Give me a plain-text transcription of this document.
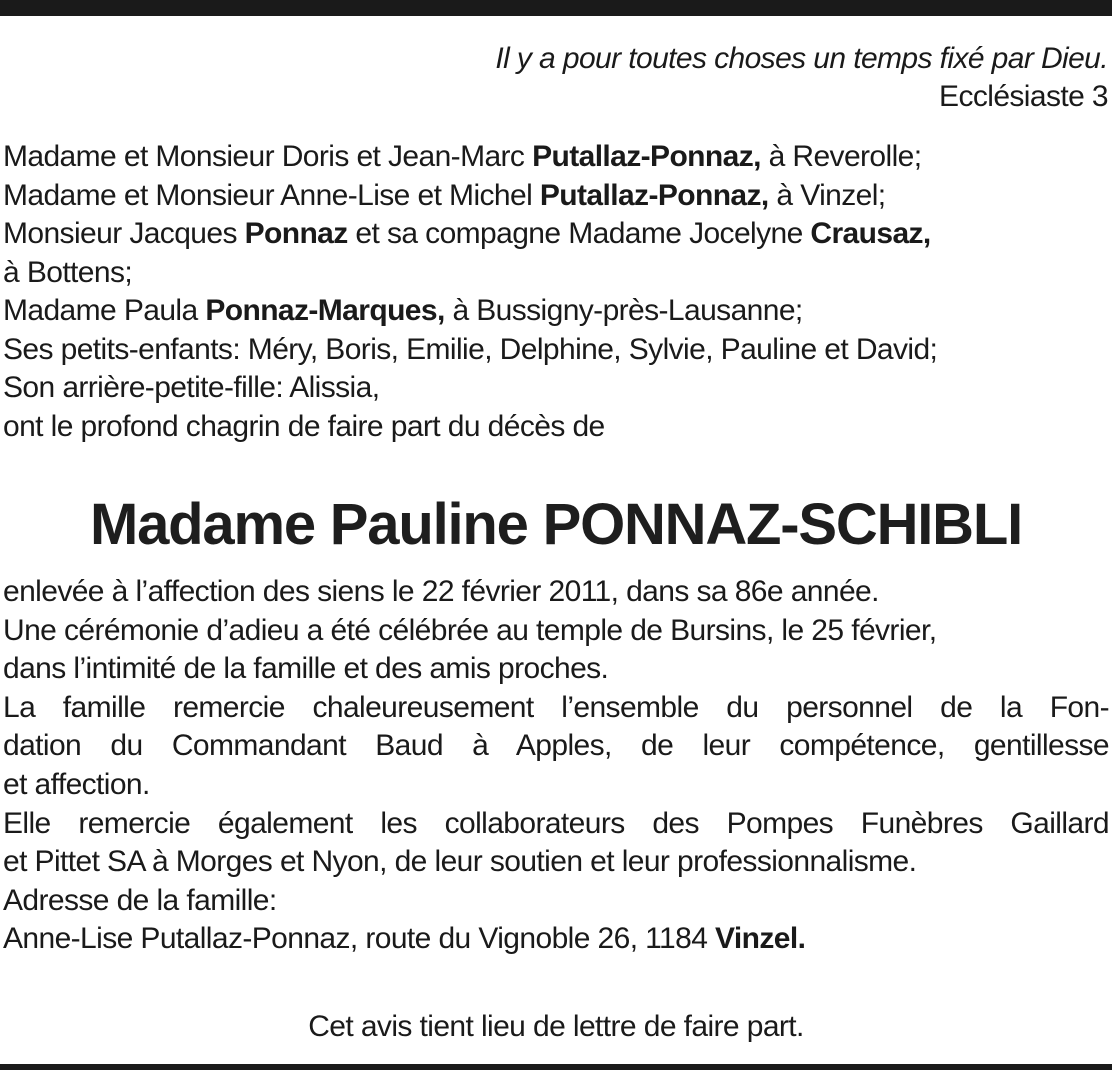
Il y a pour toutes choses un temps fixé par Dieu.
Ecclésiaste 3
Madame et Monsieur Doris et Jean-Marc Putallaz-Ponnaz, à Reverolle;
Madame et Monsieur Anne-Lise et Michel Putallaz-Ponnaz, à Vinzel;
Monsieur Jacques Ponnaz et sa compagne Madame Jocelyne Crausaz,
à Bottens;
Madame Paula Ponnaz-Marques, à Bussigny-près-Lausanne;
Ses petits-enfants: Méry, Boris, Emilie, Delphine, Sylvie, Pauline et David;
Son arrière-petite-fille: Alissia,
ont le profond chagrin de faire part du décès de
Madame Pauline PONNAZ-SCHIBLI
enlevée à l’affection des siens le 22 février 2011, dans sa 86e année.
Une cérémonie d’adieu a été célébrée au temple de Bursins, le 25 février,
dans l’intimité de la famille et des amis proches.
La famille remercie chaleureusement l’ensemble du personnel de la Fon-
dation du Commandant Baud à Apples, de leur compétence, gentillesse
et affection.
Elle remercie également les collaborateurs des Pompes Funèbres Gaillard
et Pittet SA à Morges et Nyon, de leur soutien et leur professionnalisme.
Adresse de la famille:
Anne-Lise Putallaz-Ponnaz, route du Vignoble 26, 1184 Vinzel.
Cet avis tient lieu de lettre de faire part.
